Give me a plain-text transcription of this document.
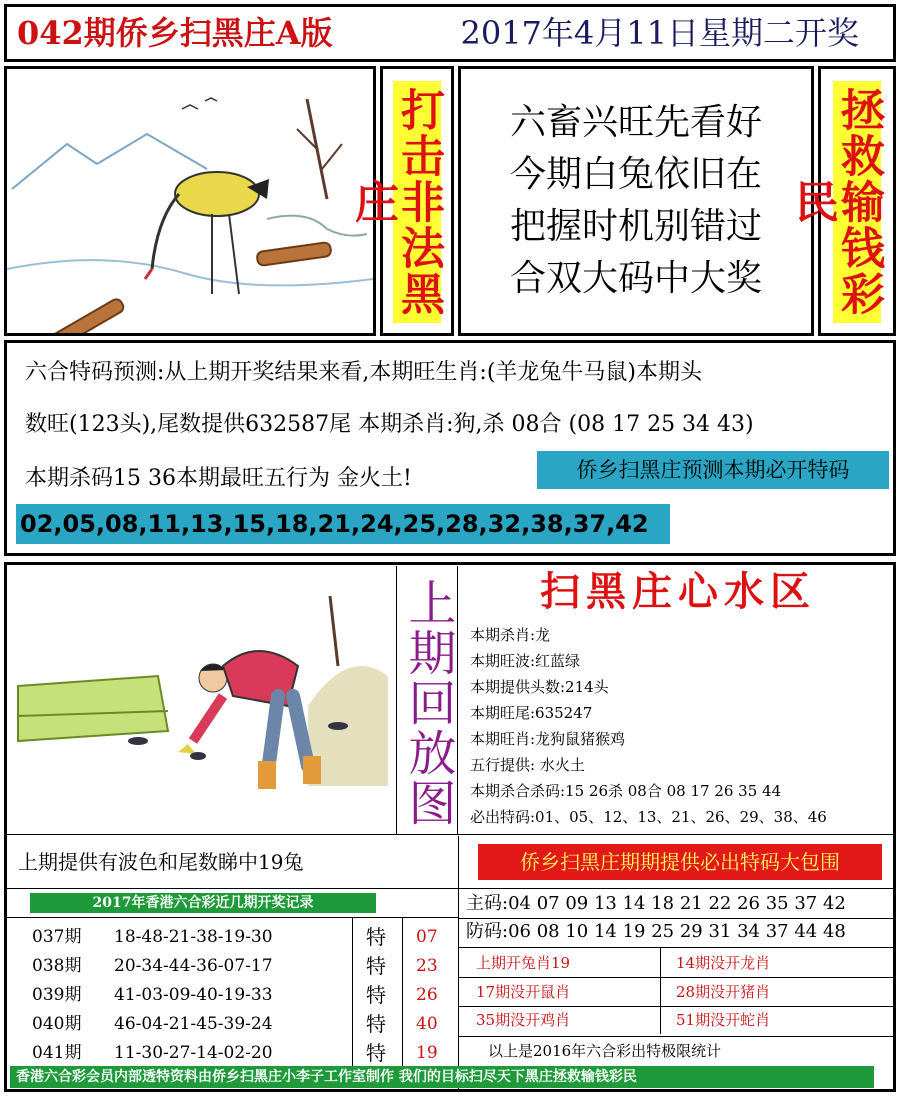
042期侨乡扫黑庄A版	2017年4月11日星期二开奖
打击非法黑庄
六畜兴旺先看好
今期白兔依旧在
把握时机别错过
合双大码中大奖	拯救输钱彩民
六合特码预测:从上期开奖结果来看,本期旺生肖:(羊龙兔牛马鼠)本期头
数旺(123头),尾数提供632587尾 本期杀肖:狗,杀 08合 (08 17 25 34 43)
本期杀码15 36本期最旺五行为 金火土!	侨乡扫黑庄预测本期必开特码
02,05,08,11,13,15,18,21,24,25,28,32,38,37,42
上期回放图	扫黑庄心水区
本期杀肖:龙
本期旺波:红蓝绿
本期提供头数:214头
本期旺尾:635247
本期旺肖:龙狗鼠猪猴鸡
五行提供: 水火土
本期杀合杀码:15 26杀 08合 08 17 26 35 44
必出特码:01、05、12、13、21、26、29、38、46
上期提供有波色和尾数睇中19兔	侨乡扫黑庄期期提供必出特码大包围
2017年香港六合彩近几期开奖记录
037期 18-48-21-38-19-30	特 07
038期 20-34-44-36-07-17	特 23
039期 41-03-09-40-19-33	特 26
040期 46-04-21-45-39-24	特 40
041期 11-30-27-14-02-20	特 19
主码:04 07 09 13 14 18 21 22 26 35 37 42
防码:06 08 10 14 19 25 29 31 34 37 44 48
上期开兔肖19	14期没开龙肖
17期没开鼠肖	28期没开猪肖
35期没开鸡肖	51期没开蛇肖
以上是2016年六合彩出特极限统计
香港六合彩会员内部透特资料由侨乡扫黑庄小李子工作室制作 我们的目标扫尽天下黑庄拯救输钱彩民
